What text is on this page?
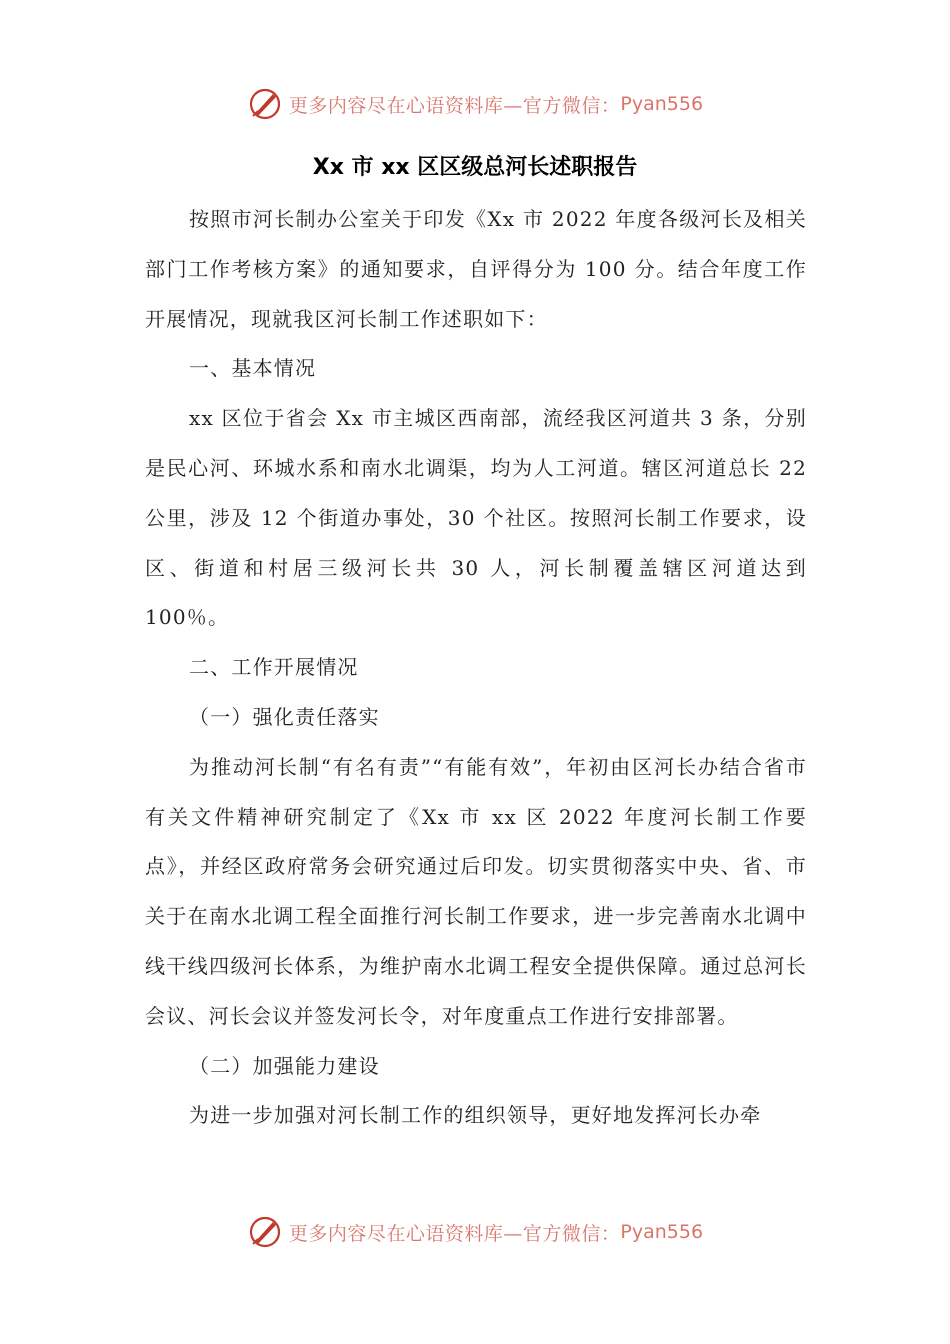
更多内容尽在心语资料库—官方微信： Pyan556
Xx 市 xx 区区级总河长述职报告

按照市河长制办公室关于印发《Xx 市 2022 年度各级河长及相关部门工作考核方案》的通知要求，自评得分为 100 分。结合年度工作开展情况，现就我区河长制工作述职如下：

一、基本情况

xx 区位于省会 Xx 市主城区西南部，流经我区河道共 3 条，分别是民心河、环城水系和南水北调渠，均为人工河道。辖区河道总长 22 公里，涉及 12 个街道办事处，30 个社区。按照河长制工作要求，设区、街道和村居三级河长共 30 人，河长制覆盖辖区河道达到 100％。

二、工作开展情况

（一）强化责任落实

为推动河长制“有名有责”“有能有效”，年初由区河长办结合省市有关文件精神研究制定了《Xx 市 xx 区 2022 年度河长制工作要点》，并经区政府常务会研究通过后印发。切实贯彻落实中央、省、市关于在南水北调工程全面推行河长制工作要求，进一步完善南水北调中线干线四级河长体系，为维护南水北调工程安全提供保障。通过总河长会议、河长会议并签发河长令，对年度重点工作进行安排部署。

（二）加强能力建设

为进一步加强对河长制工作的组织领导，更好地发挥河长办牵

更多内容尽在心语资料库—官方微信： Pyan556
